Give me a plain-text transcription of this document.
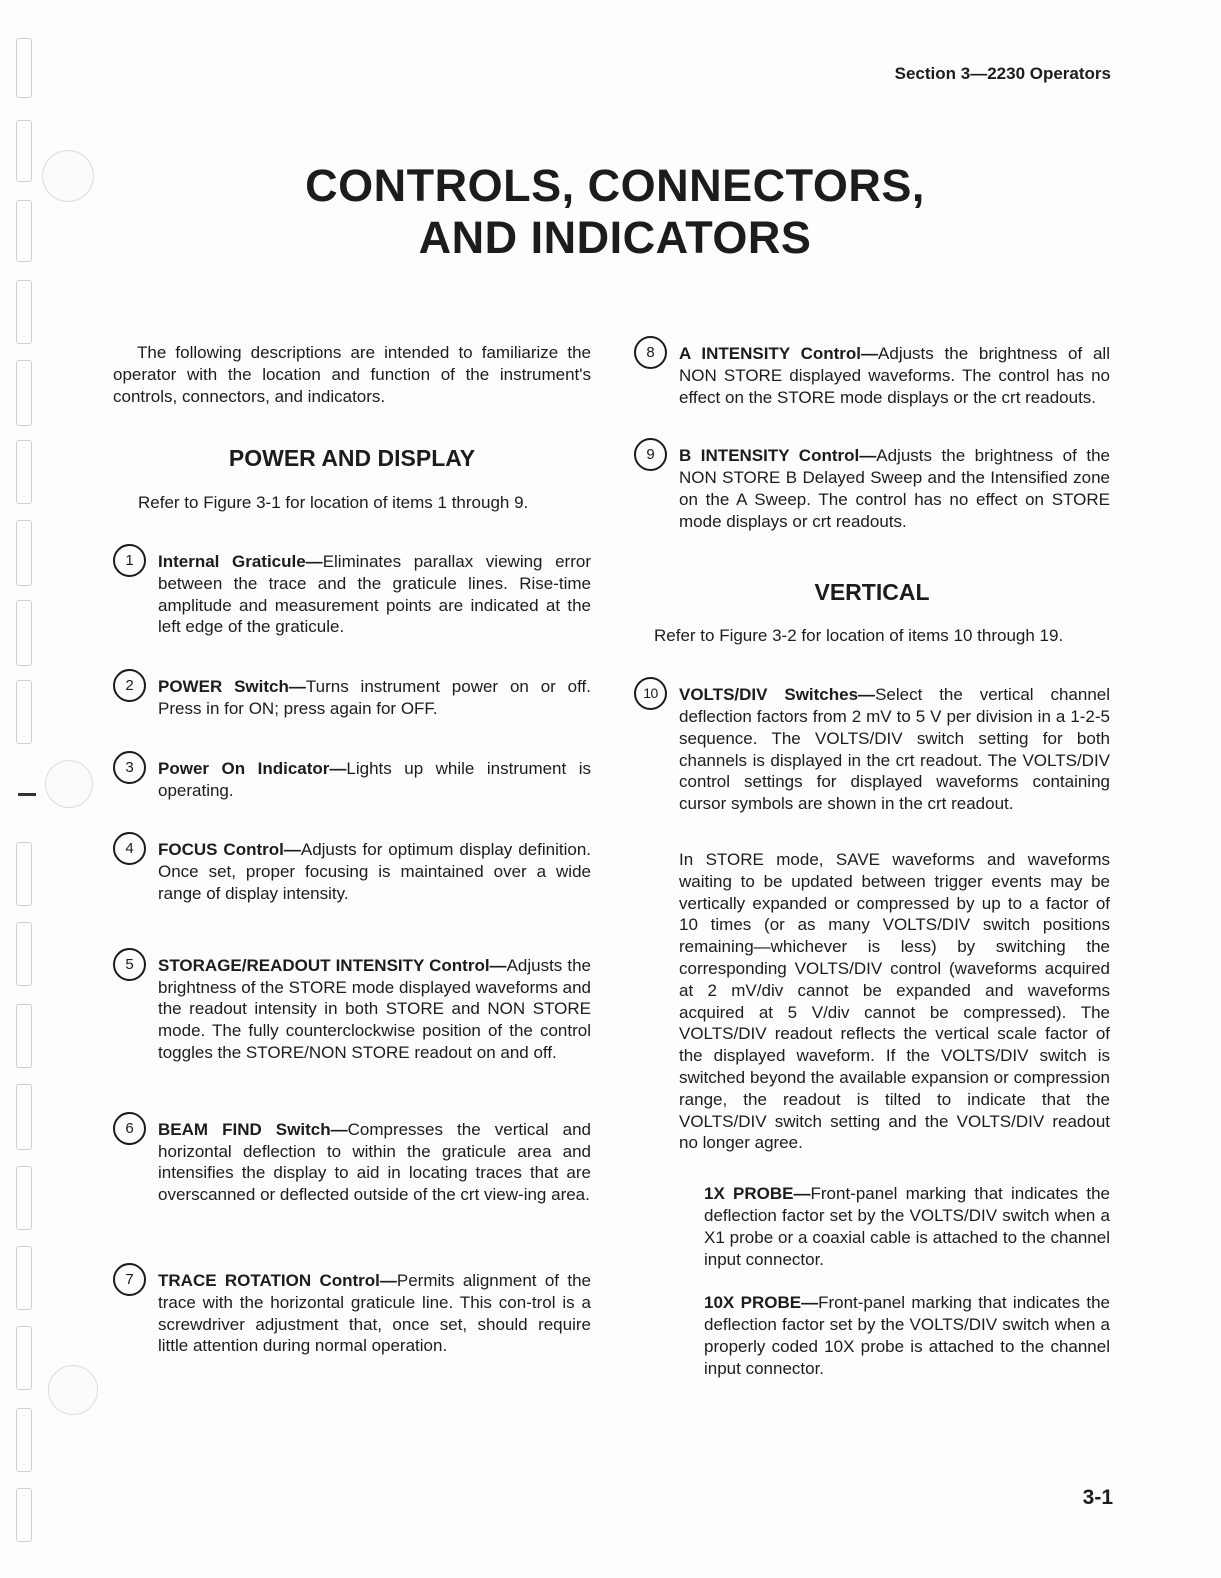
Section 3—2230 Operators
CONTROLS, CONNECTORS,
AND INDICATORS

The following descriptions are intended to familiarize the operator with the location and function of the instrument's controls, connectors, and indicators.

POWER AND DISPLAY

Refer to Figure 3-1 for location of items 1 through 9.

1	Internal Graticule—Eliminates parallax viewing error between the trace and the graticule lines. Rise-time amplitude and measurement points are indicated at the left edge of the graticule.

2	POWER Switch—Turns instrument power on or off. Press in for ON; press again for OFF.

3	Power On Indicator—Lights up while instrument is operating.

4	FOCUS Control—Adjusts for optimum display definition. Once set, proper focusing is maintained over a wide range of display intensity.

5	STORAGE/READOUT INTENSITY Control—Adjusts the brightness of the STORE mode displayed waveforms and the readout intensity in both STORE and NON STORE mode. The fully counterclockwise position of the control toggles the STORE/NON STORE readout on and off.

6	BEAM FIND Switch—Compresses the vertical and horizontal deflection to within the graticule area and intensifies the display to aid in locating traces that are overscanned or deflected outside of the crt view-ing area.

7	TRACE ROTATION Control—Permits alignment of the trace with the horizontal graticule line. This con-trol is a screwdriver adjustment that, once set, should require little attention during normal operation.

8	A INTENSITY Control—Adjusts the brightness of all NON STORE displayed waveforms. The control has no effect on the STORE mode displays or the crt readouts.

9	B INTENSITY Control—Adjusts the brightness of the NON STORE B Delayed Sweep and the Intensified zone on the A Sweep. The control has no effect on STORE mode displays or crt readouts.

VERTICAL

Refer to Figure 3-2 for location of items 10 through 19.

10	VOLTS/DIV Switches—Select the vertical channel deflection factors from 2 mV to 5 V per division in a 1-2-5 sequence. The VOLTS/DIV switch setting for both channels is displayed in the crt readout. The VOLTS/DIV control settings for displayed waveforms containing cursor symbols are shown in the crt readout.

In STORE mode, SAVE waveforms and waveforms waiting to be updated between trigger events may be vertically expanded or compressed by up to a factor of 10 times (or as many VOLTS/DIV switch positions remaining—whichever is less) by switching the corresponding VOLTS/DIV control (waveforms acquired at 2 mV/div cannot be expanded and waveforms acquired at 5 V/div cannot be compressed). The VOLTS/DIV readout reflects the vertical scale factor of the displayed waveform. If the VOLTS/DIV switch is switched beyond the available expansion or compression range, the readout is tilted to indicate that the VOLTS/DIV switch setting and the VOLTS/DIV readout no longer agree.

1X PROBE—Front-panel marking that indicates the deflection factor set by the VOLTS/DIV switch when a X1 probe or a coaxial cable is attached to the channel input connector.

10X PROBE—Front-panel marking that indicates the deflection factor set by the VOLTS/DIV switch when a properly coded 10X probe is attached to the channel input connector.

3-1
